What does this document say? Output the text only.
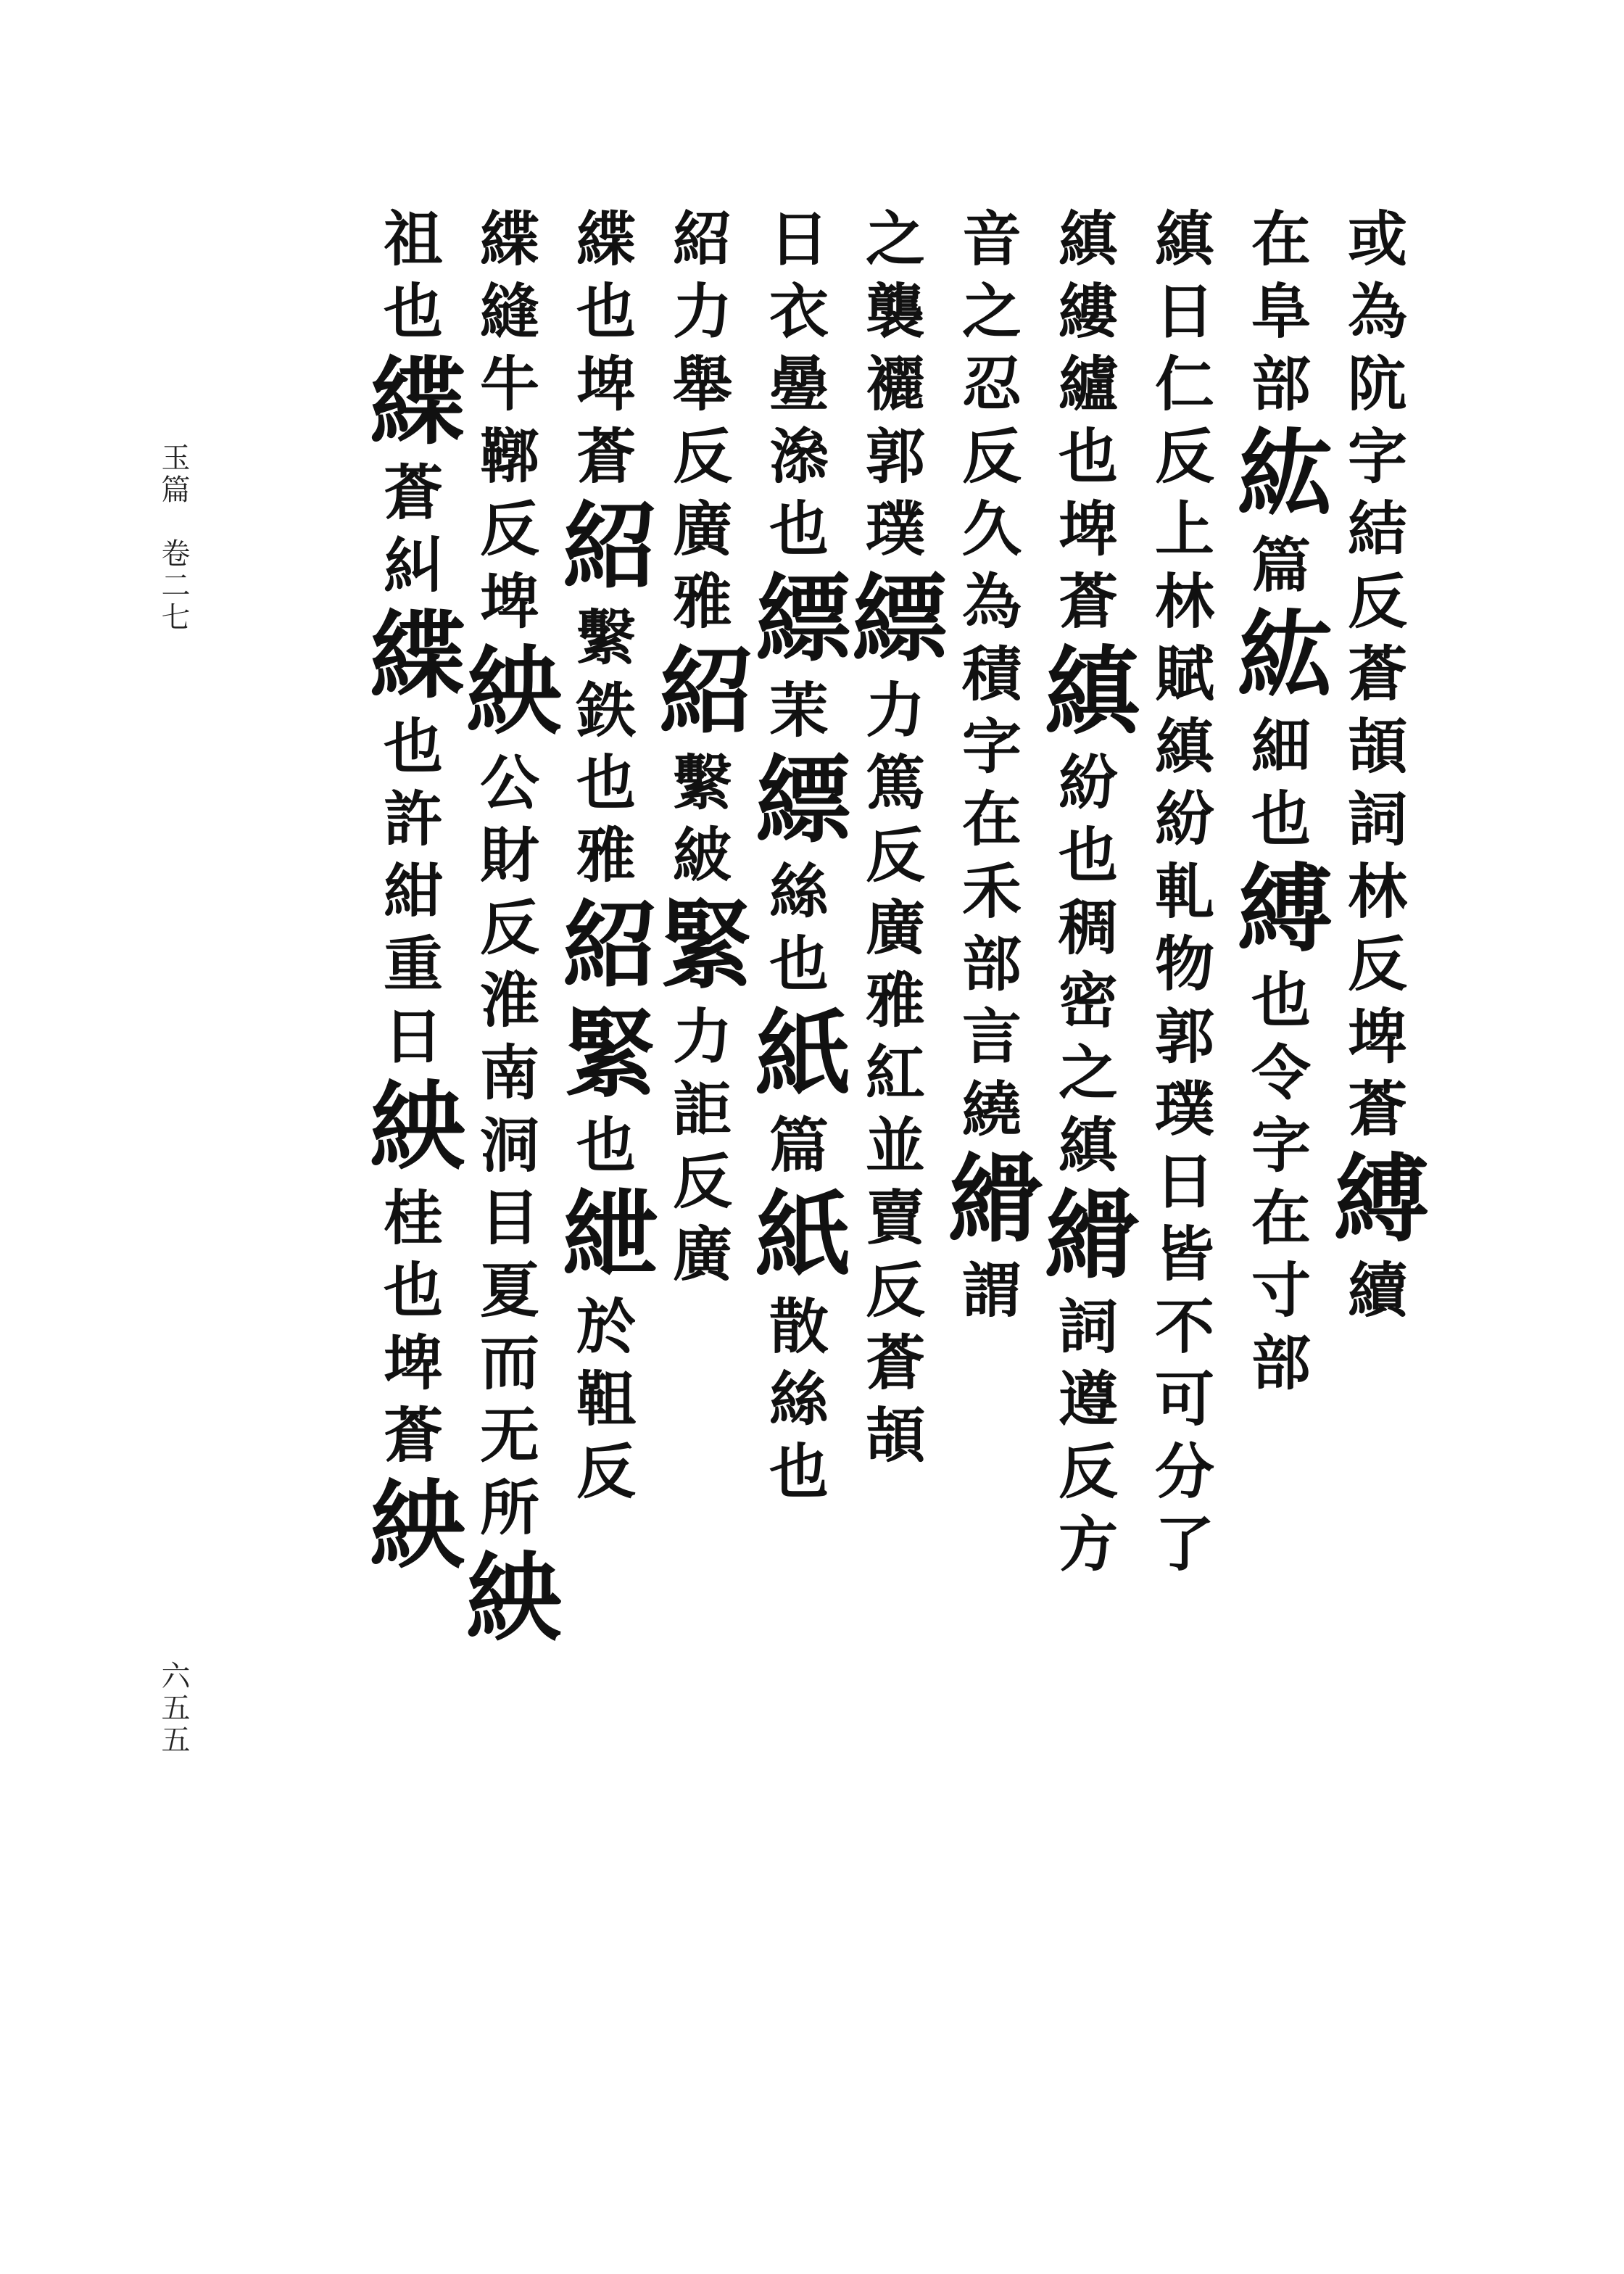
或
為
阬
字
結
反
蒼
頡
詞
林
反
埤
蒼
縛
續
在
阜
部
紘
篇
紘
細
也
縛
也
令
字
在
寸
部
縝
日
仁
反
上
林
賦
縝
紛
軋
物
郭
璞
日
皆
不
可
分
了
縝
縷
纑
也
埤
蒼
縝
紛
也
稠
密
之
縝
縎
詞
遵
反
方
音
之
忍
反
久
為
積
字
在
禾
部
言
繞
縎
謂
之
襲
襹
郭
璞
縹
力
篤
反
廣
雅
紅
並
賣
反
蒼
頡
日
衣
㬪
㵕
也
縹
茉
縹
絲
也
紙
篇
紙
散
絲
也
紹
力
舉
反
廣
雅
紹
繫
紴
緊
力
詎
反
廣
緤
也
埤
蒼
紹
繫
鉄
也
雅
紹
緊
也
紲
於
靻
反
緤
縫
牛
鞹
反
埤
紻
公
財
反
淮
南
洞
目
夏
而
无
所
紻
祖
也
緤
蒼
糾
緤
也
許
紺
重
日
紻
桂
也
埤
蒼
紻
玉篇　卷二七
六五五
